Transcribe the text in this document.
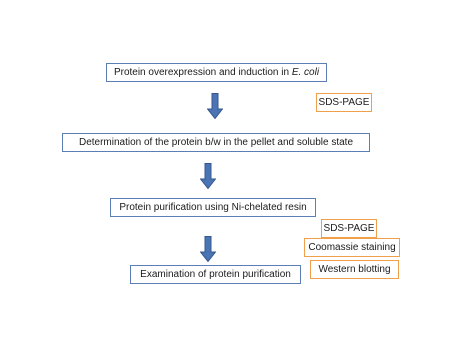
Protein overexpression and induction in E. coli
Determination of the protein b/w in the pellet and soluble state
Protein purification using Ni-chelated resin
Examination of protein purification
SDS-PAGE
SDS-PAGE
Coomassie staining
Western blotting
